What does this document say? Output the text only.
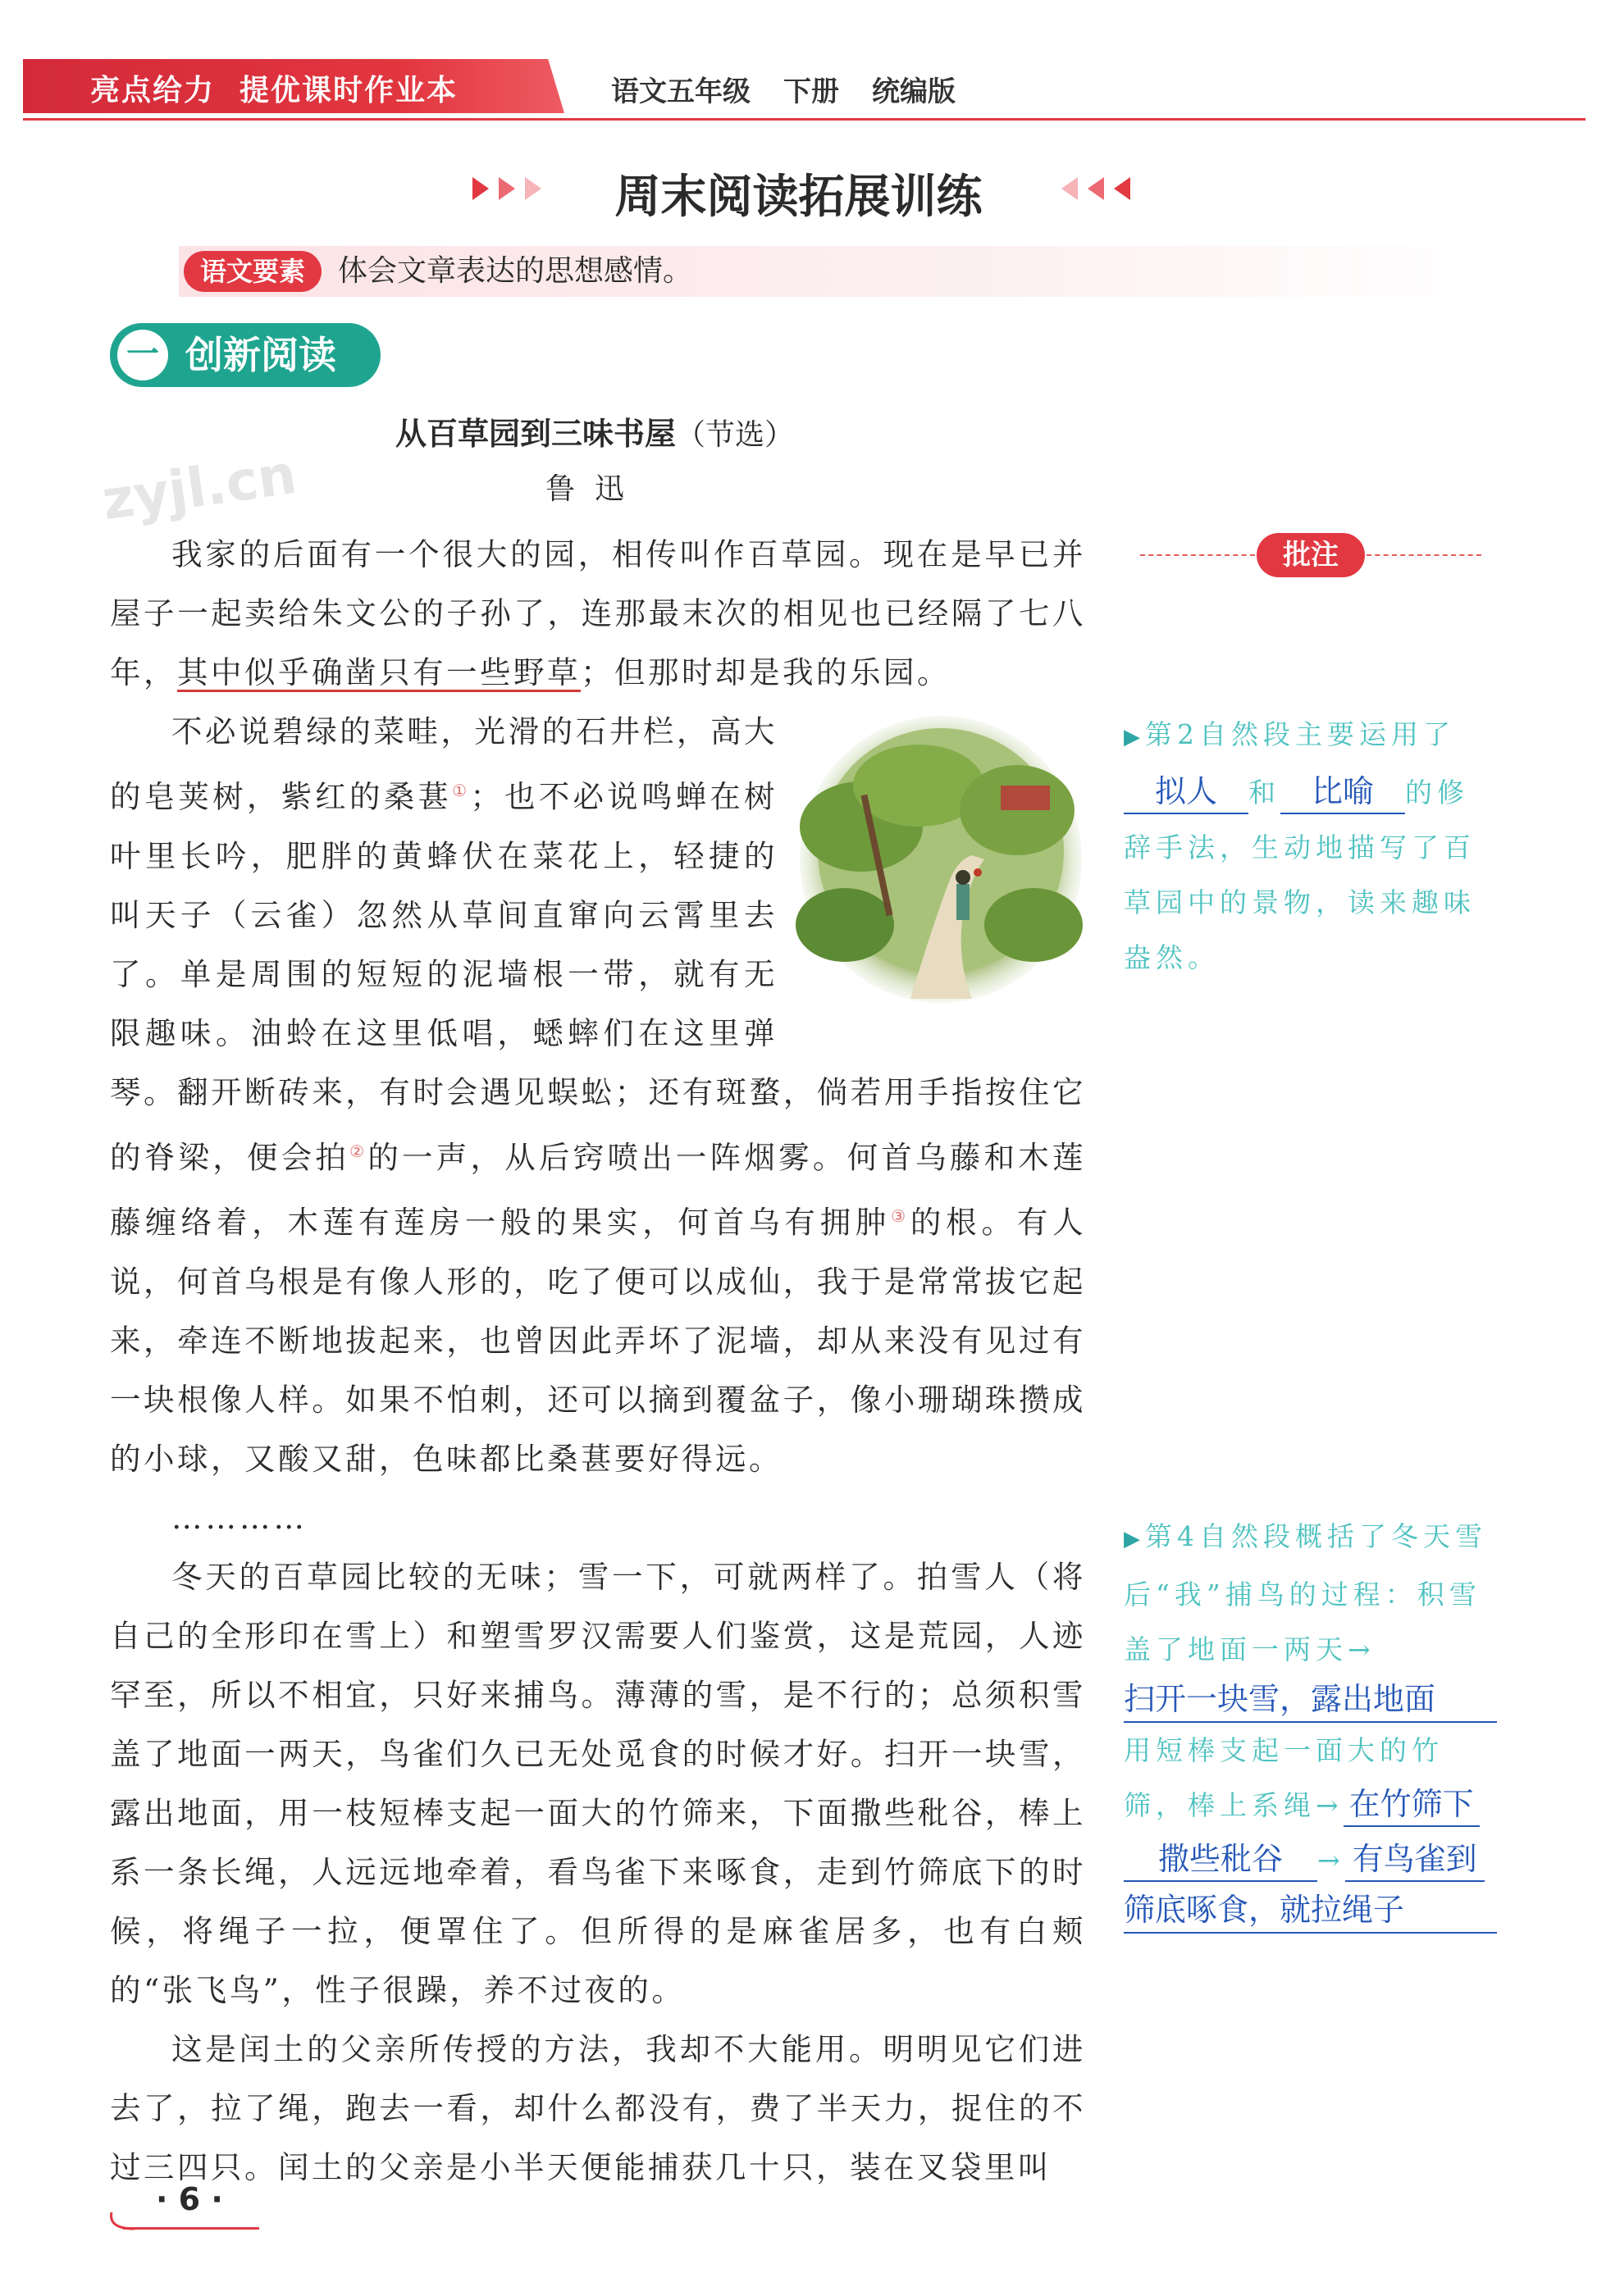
亮点给力 提优课时作业本	语文五年级 下册 统编版
周末阅读拓展训练
语文要素	体会文章表达的思想感情。
一 创新阅读
zyjl.cn
从百草园到三味书屋（节选）
鲁迅

我家的后面有一个很大的园，相传叫作百草园。现在是早已并屋子一起卖给朱文公的子孙了，连那最末次的相见也已经隔了七八年，其中似乎确凿只有一些野草；但那时却是我的乐园。

不必说碧绿的菜畦，光滑的石井栏，高大的皂荚树，紫红的桑葚①；也不必说鸣蝉在树叶里长吟，肥胖的黄蜂伏在菜花上，轻捷的叫天子（云雀）忽然从草间直窜向云霄里去了。单是周围的短短的泥墙根一带，就有无限趣味。油蛉在这里低唱，蟋蟀们在这里弹琴。翻开断砖来，有时会遇见蜈蚣；还有斑蝥，倘若用手指按住它的脊梁，便会拍②的一声，从后窍喷出一阵烟雾。何首乌藤和木莲藤缠络着，木莲有莲房一般的果实，何首乌有拥肿③的根。有人说，何首乌根是有像人形的，吃了便可以成仙，我于是常常拔它起来，牵连不断地拔起来，也曾因此弄坏了泥墙，却从来没有见过有一块根像人样。如果不怕刺，还可以摘到覆盆子，像小珊瑚珠攒成的小球，又酸又甜，色味都比桑葚要好得远。

…………

冬天的百草园比较的无味；雪一下，可就两样了。拍雪人（将自己的全形印在雪上）和塑雪罗汉需要人们鉴赏，这是荒园，人迹罕至，所以不相宜，只好来捕鸟。薄薄的雪，是不行的；总须积雪盖了地面一两天，鸟雀们久已无处觅食的时候才好。扫开一块雪，露出地面，用一枝短棒支起一面大的竹筛来，下面撒些秕谷，棒上系一条长绳，人远远地牵着，看鸟雀下来啄食，走到竹筛底下的时候，将绳子一拉，便罩住了。但所得的是麻雀居多，也有白颊的“张飞鸟”，性子很躁，养不过夜的。

这是闰土的父亲所传授的方法，我却不大能用。明明见它们进去了，拉了绳，跑去一看，却什么都没有，费了半天力，捉住的不过三四只。闰土的父亲是小半天便能捕获几十只，装在叉袋里叫

批注
▶第2自然段主要运用了 拟人 和 比喻 的修辞手法，生动地描写了百草园中的景物，读来趣味盎然。
▶第4自然段概括了冬天雪后“我”捕鸟的过程：积雪盖了地面一两天→
扫开一块雪，露出地面
用短棒支起一面大的竹筛，棒上系绳→ 在竹筛下 撒些秕谷 → 有鸟雀到
筛底啄食，就拉绳子
· 6 ·
